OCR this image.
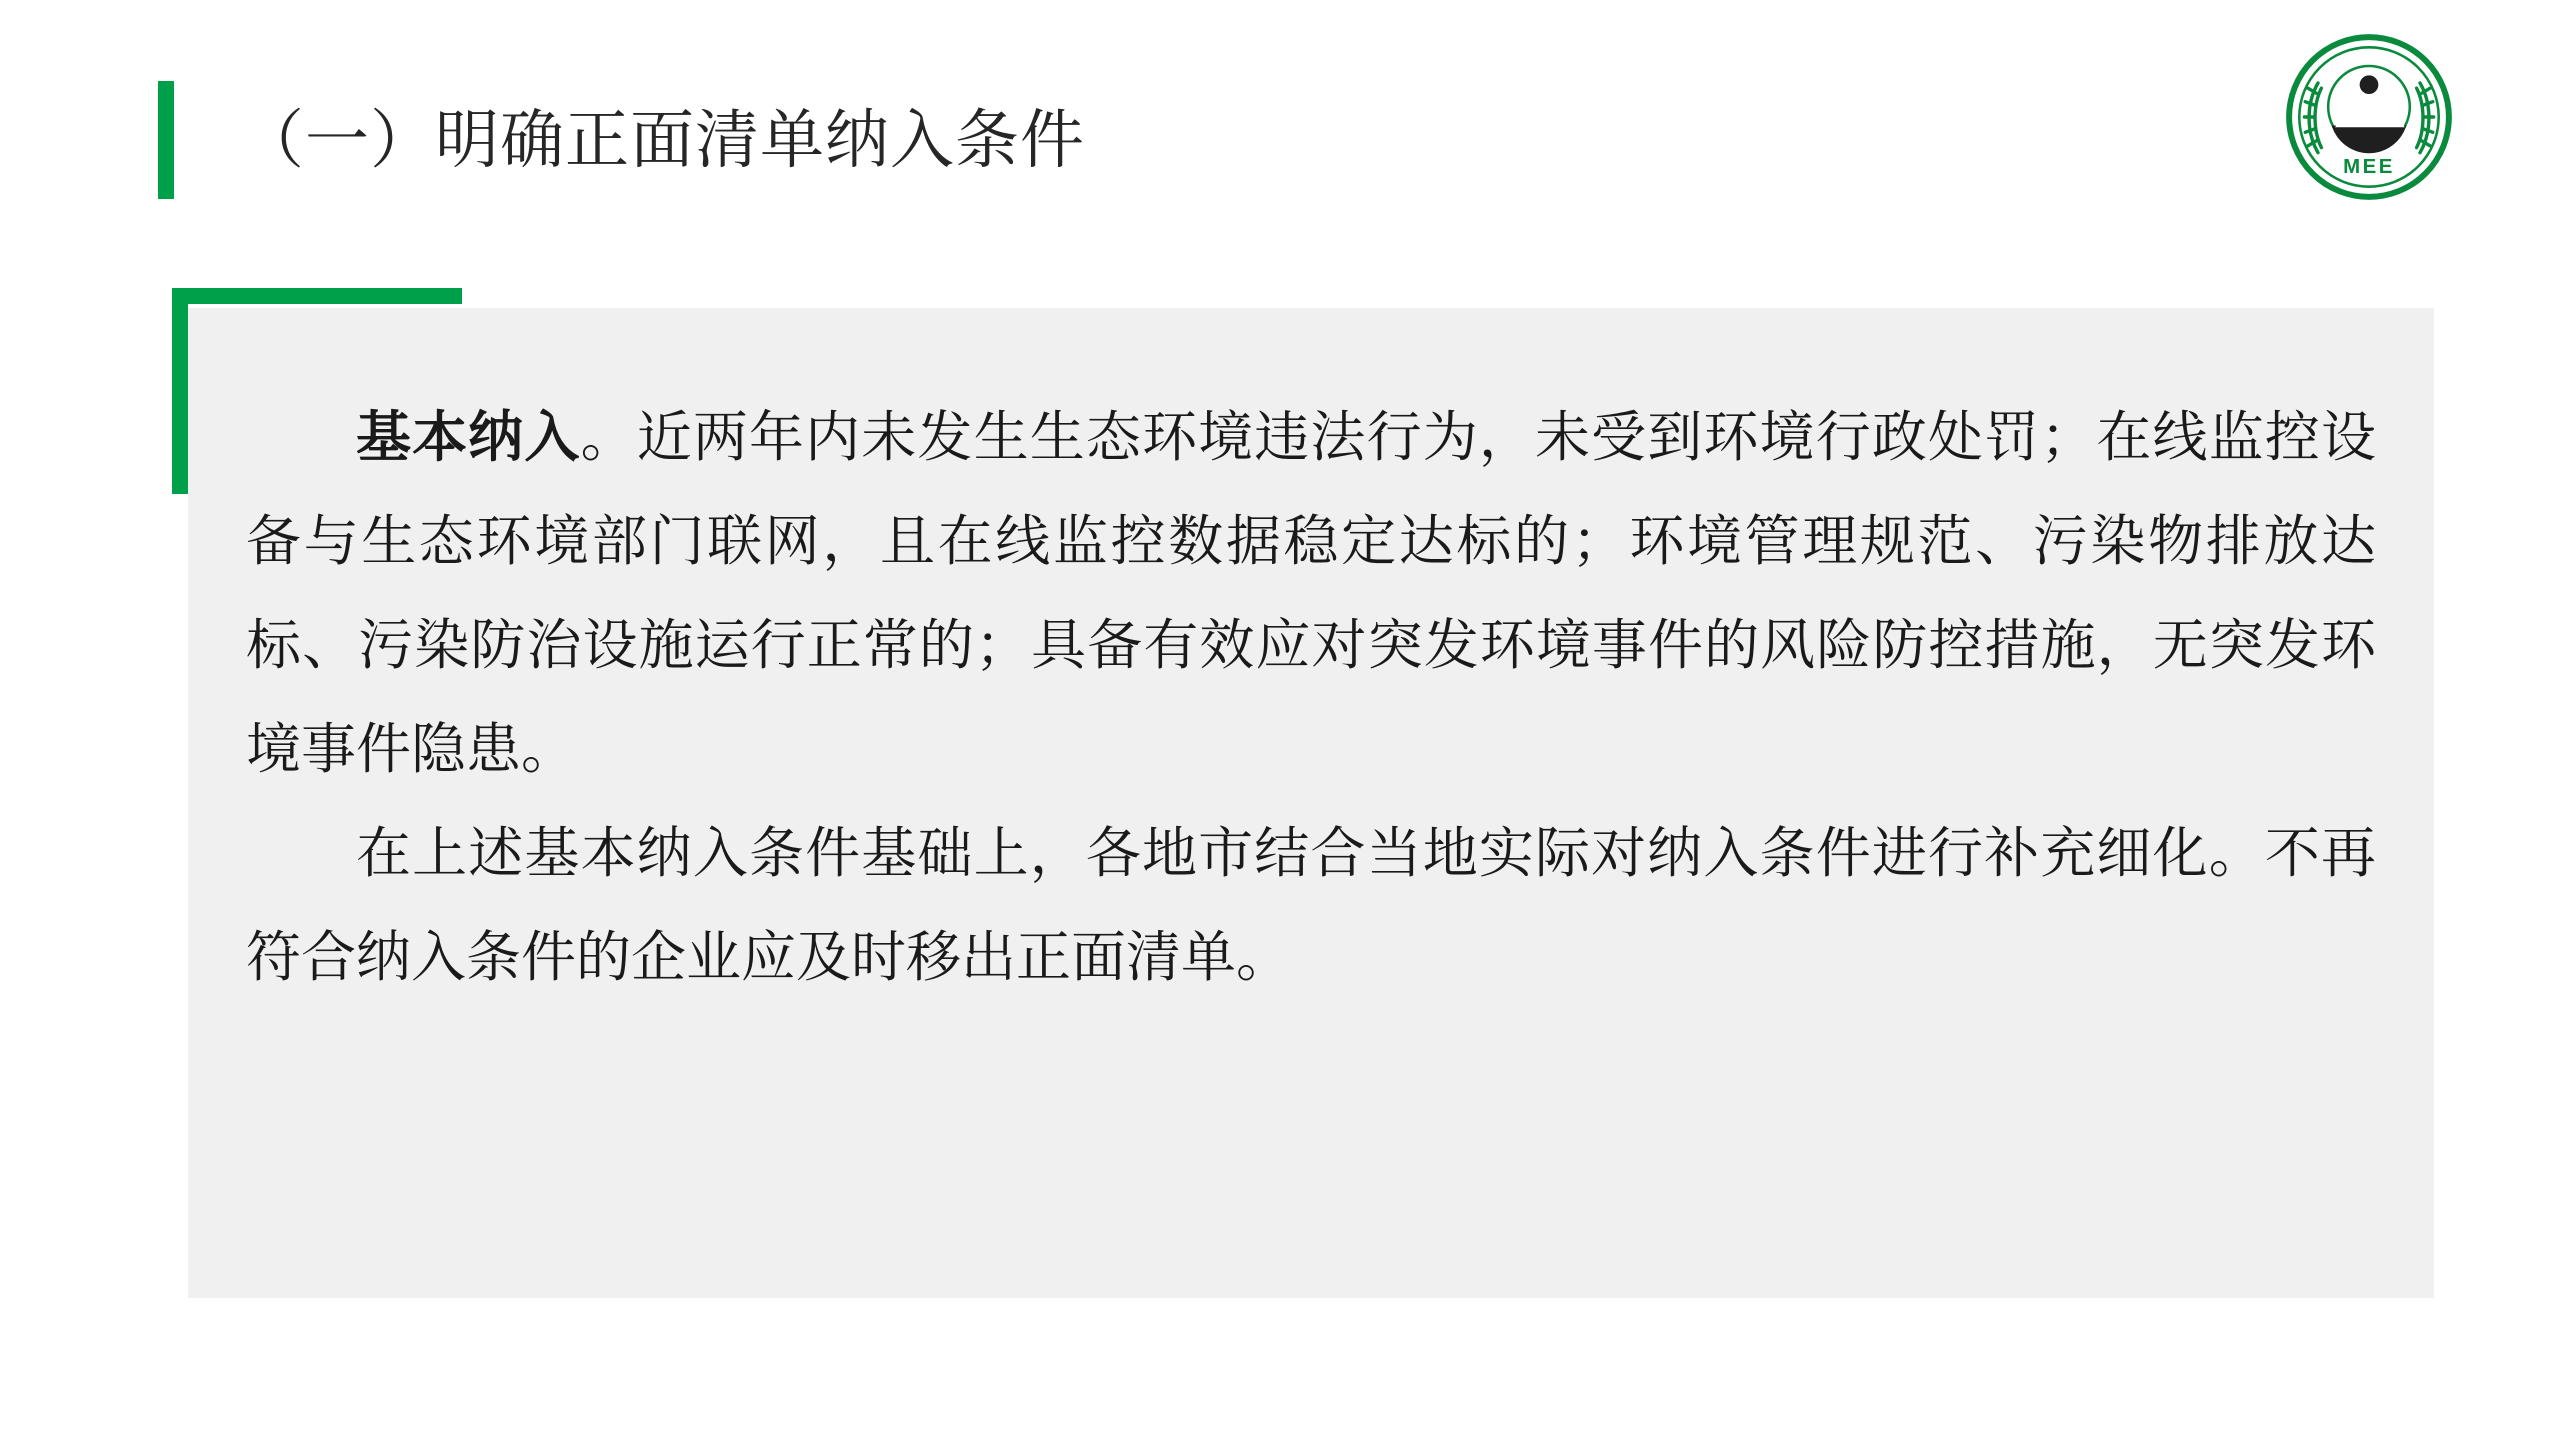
（一）明确正面清单纳入条件	MEE

基本纳入。近两年内未发生生态环境违法行为，未受到环境行政处罚；在线监控设备与生态环境部门联网，且在线监控数据稳定达标的；环境管理规范、污染物排放达标、污染防治设施运行正常的；具备有效应对突发环境事件的风险防控措施，无突发环境事件隐患。

在上述基本纳入条件基础上，各地市结合当地实际对纳入条件进行补充细化。不再符合纳入条件的企业应及时移出正面清单。
